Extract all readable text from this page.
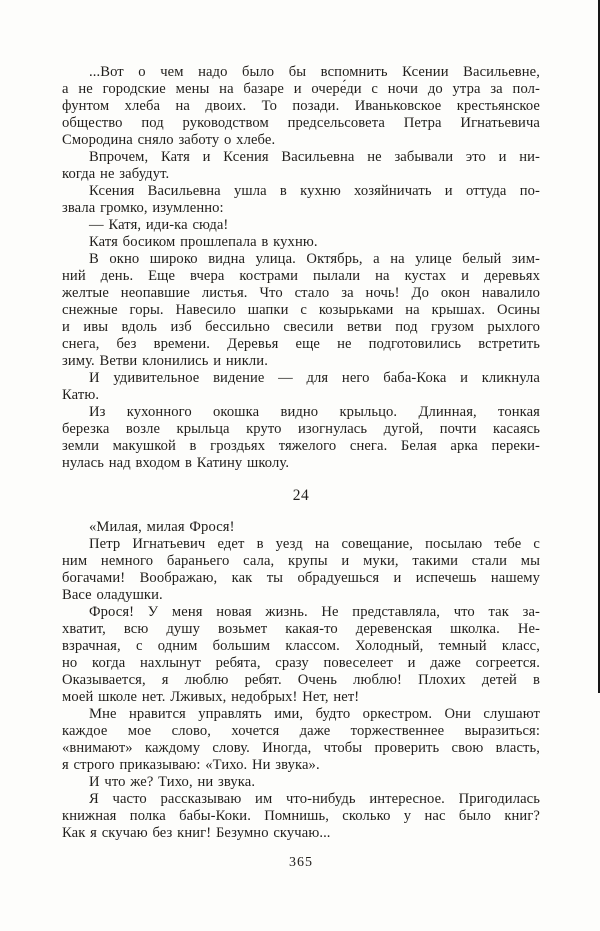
...Вот о чем надо было бы вспомнить Ксении Васильевне,
а не городские мены на базаре и очере́ди с ночи до утра за пол-
фунтом хлеба на двоих. То позади. Иваньковское крестьянское
общество под руководством предсельсовета Петра Игнатьевича
Смородина сняло заботу о хлебе.
Впрочем, Катя и Ксения Васильевна не забывали это и ни-
когда не забудут.
Ксения Васильевна ушла в кухню хозяйничать и оттуда по-
звала громко, изумленно:
— Катя, иди-ка сюда!
Катя босиком прошлепала в кухню.
В окно широко видна улица. Октябрь, а на улице белый зим-
ний день. Еще вчера кострами пылали на кустах и деревьях
желтые неопавшие листья. Что стало за ночь! До окон навалило
снежные горы. Навесило шапки с козырьками на крышах. Осины
и ивы вдоль изб бессильно свесили ветви под грузом рыхлого
снега, без времени. Деревья еще не подготовились встретить
зиму. Ветви клонились и никли.
И удивительное видение — для него баба-Кока и кликнула
Катю.
Из кухонного окошка видно крыльцо. Длинная, тонкая
березка возле крыльца круто изогнулась дугой, почти касаясь
земли макушкой в гроздьях тяжелого снега. Белая арка переки-
нулась над входом в Катину школу.
24
«Милая, милая Фрося!
Петр Игнатьевич едет в уезд на совещание, посылаю тебе с
ним немного бараньего сала, крупы и муки, такими стали мы
богачами! Воображаю, как ты обрадуешься и испечешь нашему
Васе оладушки.
Фрося! У меня новая жизнь. Не представляла, что так за-
хватит, всю душу возьмет какая-то деревенская школка. Не-
взрачная, с одним большим классом. Холодный, темный класс,
но когда нахлынут ребята, сразу повеселеет и даже согреется.
Оказывается, я люблю ребят. Очень люблю! Плохих детей в
моей школе нет. Лживых, недобрых! Нет, нет!
Мне нравится управлять ими, будто оркестром. Они слушают
каждое мое слово, хочется даже торжественнее выразиться:
«внимают» каждому слову. Иногда, чтобы проверить свою власть,
я строго приказываю: «Тихо. Ни звука».
И что же? Тихо, ни звука.
Я часто рассказываю им что-нибудь интересное. Пригодилась
книжная полка бабы-Коки. Помнишь, сколько у нас было книг?
Как я скучаю без книг! Безумно скучаю...
365
